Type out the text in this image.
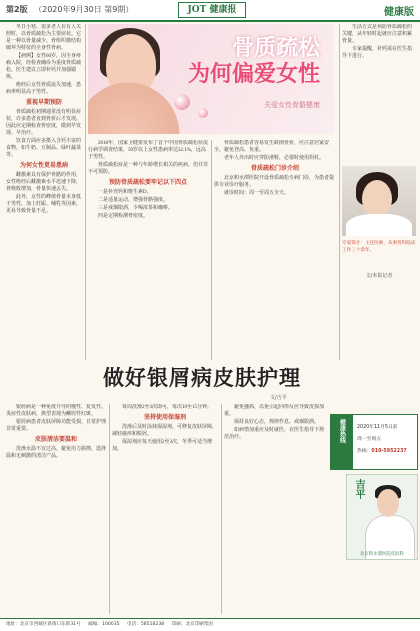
第2版 （2020年9月30日 第9期）	JOT 健康报	健康版

冬日小寒，很多老人在有人关照时，以骨质疏松为主要症状。它是一种以骨量减少、骨组织微结构破坏为特征的全身性骨病。

【病例】女性60岁，因全身疼痛入院，经检查确诊为重度骨质疏松，医生建议立即补钙并加强锻炼。

绝经后女性骨质流失加速，患病率明显高于男性。

重视早期预防

骨质疏松初期通常没有明显症状，许多患者直到骨折后才发现。因此应定期检查骨密度，做到早发现、早治疗。

饮食方面应多摄入含钙丰富的食物，如牛奶、豆制品、绿叶蔬菜等。

为何女性更易患病

雌激素具有保护骨骼的作用，女性绝经后雌激素水平迅速下降，骨吸收增加，骨量快速丢失。

此外，女性的峰值骨量本身低于男性，加上妊娠、哺乳等因素，更易导致骨量不足。

骨质疏松
为何偏爱女性
关爱女性骨骼健康

2018年，国家卫健委发布了首个中国骨质疏松症流行病学调查结果，50岁以上女性患病率达32.1%，远高于男性。

骨质疏松症是一种与年龄增长相关的疾病，但并非不可预防。

预防骨质疏松要牢记以下四点

一是补充钙和维生素D。

二是适量运动，增强骨骼强度。

三是戒烟限酒，少喝浓茶和咖啡。

四是定期检测骨密度。

骨质疏松患者容易发生跌倒骨折，应注意居家安全，避免登高、负重。

老年人外出时应穿防滑鞋，必要时使用拐杖。

骨质疏松门诊介绍

北京积水潭医院开设骨质疏松专病门诊，为患者提供专业诊疗服务。

就诊时间：周一至周五全天。

生活方式是预防骨质疏松的关键，从年轻时起就应注意积累骨量。

专家提醒，补钙需在医生指导下进行。

专家简介：主任医师，从事骨科临床工作三十余年。
文/本报记者
做好银屑病皮肤护理
文/吉平

银屑病是一种免疫介导的慢性、复发性、炎症性皮肤病，典型表现为鳞屑性红斑。

银屑病患者皮肤屏障功能受损，日常护理非常重要。

皮肤清洁要温和

洗澡水温不宜过高，避免用力搓擦，选择温和无刺激的清洁产品。

每周洗澡2至3次即可，每次10至15分钟。

坚持使用保湿剂

洗澡后及时涂抹保湿剂，可修复皮肤屏障，减轻瘙痒和脱屑。

保湿剂应每天使用2至3次，冬季可适当增加。

避免搔抓，以免引起同形反应导致皮损加重。

保持良好心态，规律作息，戒烟限酒。

如病情加重应及时就医，在医生指导下规范治疗。	健康热线 2020年11月5日前
周一至周五
热线：010-5952237
吉平
北京积水潭医院皮肤科
地址：北京市西城区新街口东街31号 邮编：100035 电话：58518238 印刷：北京印刷集团
